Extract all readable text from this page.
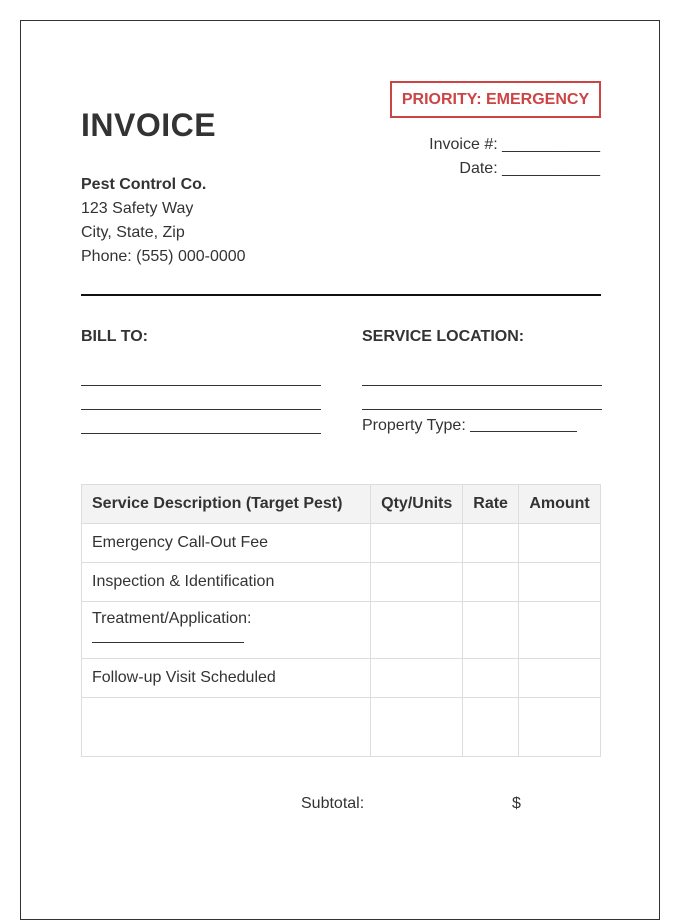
INVOICE
PRIORITY: EMERGENCY
Invoice #: ___________
Date: ___________
Pest Control Co.
123 Safety Way
City, State, Zip
Phone: (555) 000-0000
BILL TO:	SERVICE LOCATION:
Property Type:
Service Description (Target Pest)	Qty/Units	Rate	Amount
Emergency Call-Out Fee			
Inspection & Identification			
Treatment/Application:

Follow-up Visit Scheduled			

Subtotal:	$
